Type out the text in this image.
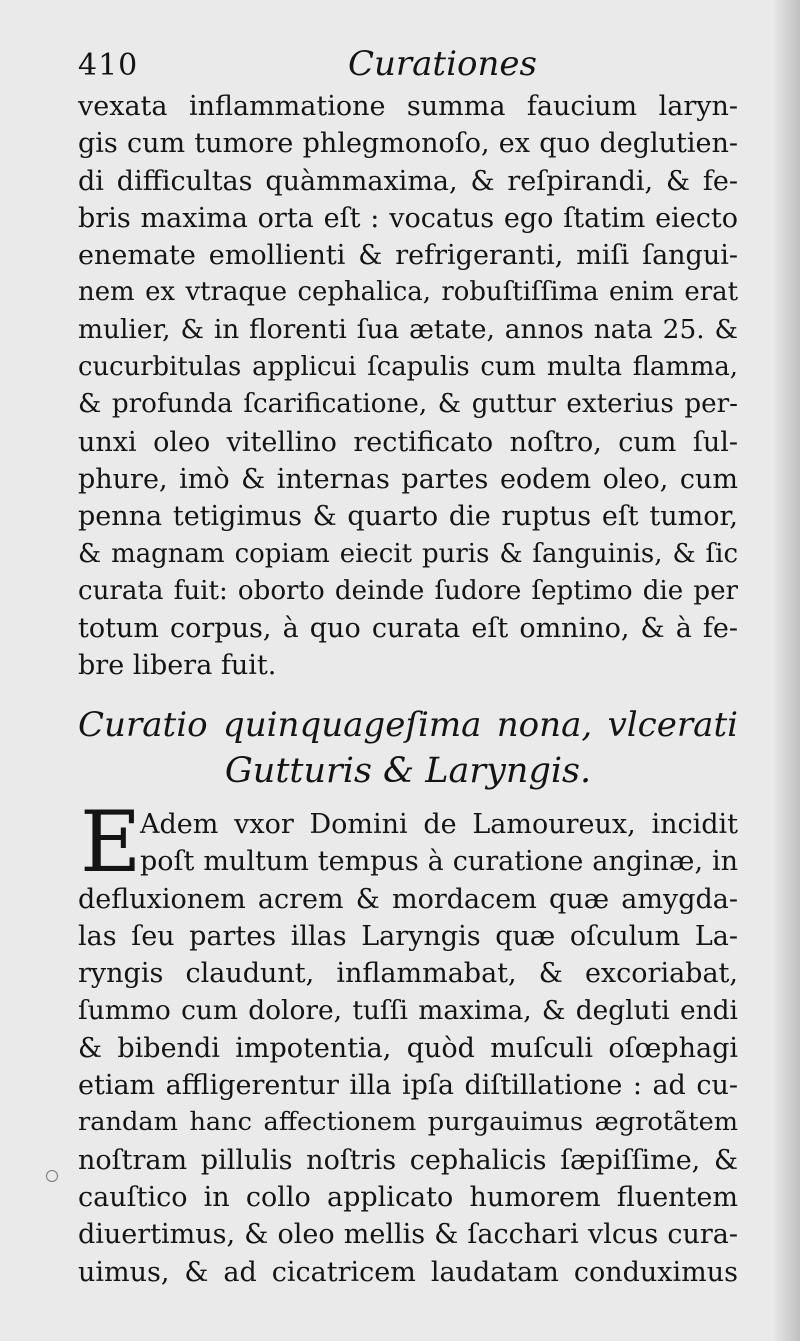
410	Curationes
vexata inflammatione summa faucium laryn-
gis cum tumore phlegmonoſo, ex quo deglutien-
di difficultas quàmmaxima, & reſpirandi, & fe-
bris maxima orta eſt : vocatus ego ſtatim eiecto
enemate emollienti & refrigeranti, miſi ſangui-
nem ex vtraque cephalica, robuſtiſſima enim erat
mulier, & in florenti ſua ætate, annos nata 25. &
cucurbitulas applicui ſcapulis cum multa flamma,
& profunda ſcarificatione, & guttur exterius per-
unxi oleo vitellino rectificato noſtro, cum ſul-
phure, imò & internas partes eodem oleo, cum
penna tetigimus & quarto die ruptus eſt tumor,
& magnam copiam eiecit puris & ſanguinis, & ſic
curata fuit: oborto deinde ſudore ſeptimo die per
totum corpus, à quo curata eſt omnino, & à fe-
bre libera fuit.
Curatio quinquageſima nona, vlcerati
Gutturis & Laryngis.
E
Adem vxor Domini de Lamoureux, incidit
poſt multum tempus à curatione anginæ, in
defluxionem acrem & mordacem quæ amygda-
las ſeu partes illas Laryngis quæ oſculum La-
ryngis claudunt, inflammabat, & excoriabat,
ſummo cum dolore, tuſſi maxima, & degluti endi
& bibendi impotentia, quòd muſculi oſœphagi
etiam affligerentur illa ipſa diſtillatione : ad cu-
randam hanc affectionem purgauimus ægrotãtem
noſtram pillulis noſtris cephalicis ſæpiſſime, &
cauſtico in collo applicato humorem fluentem
diuertimus, & oleo mellis & ſacchari vlcus cura-
uimus, & ad cicatricem laudatam conduximus
